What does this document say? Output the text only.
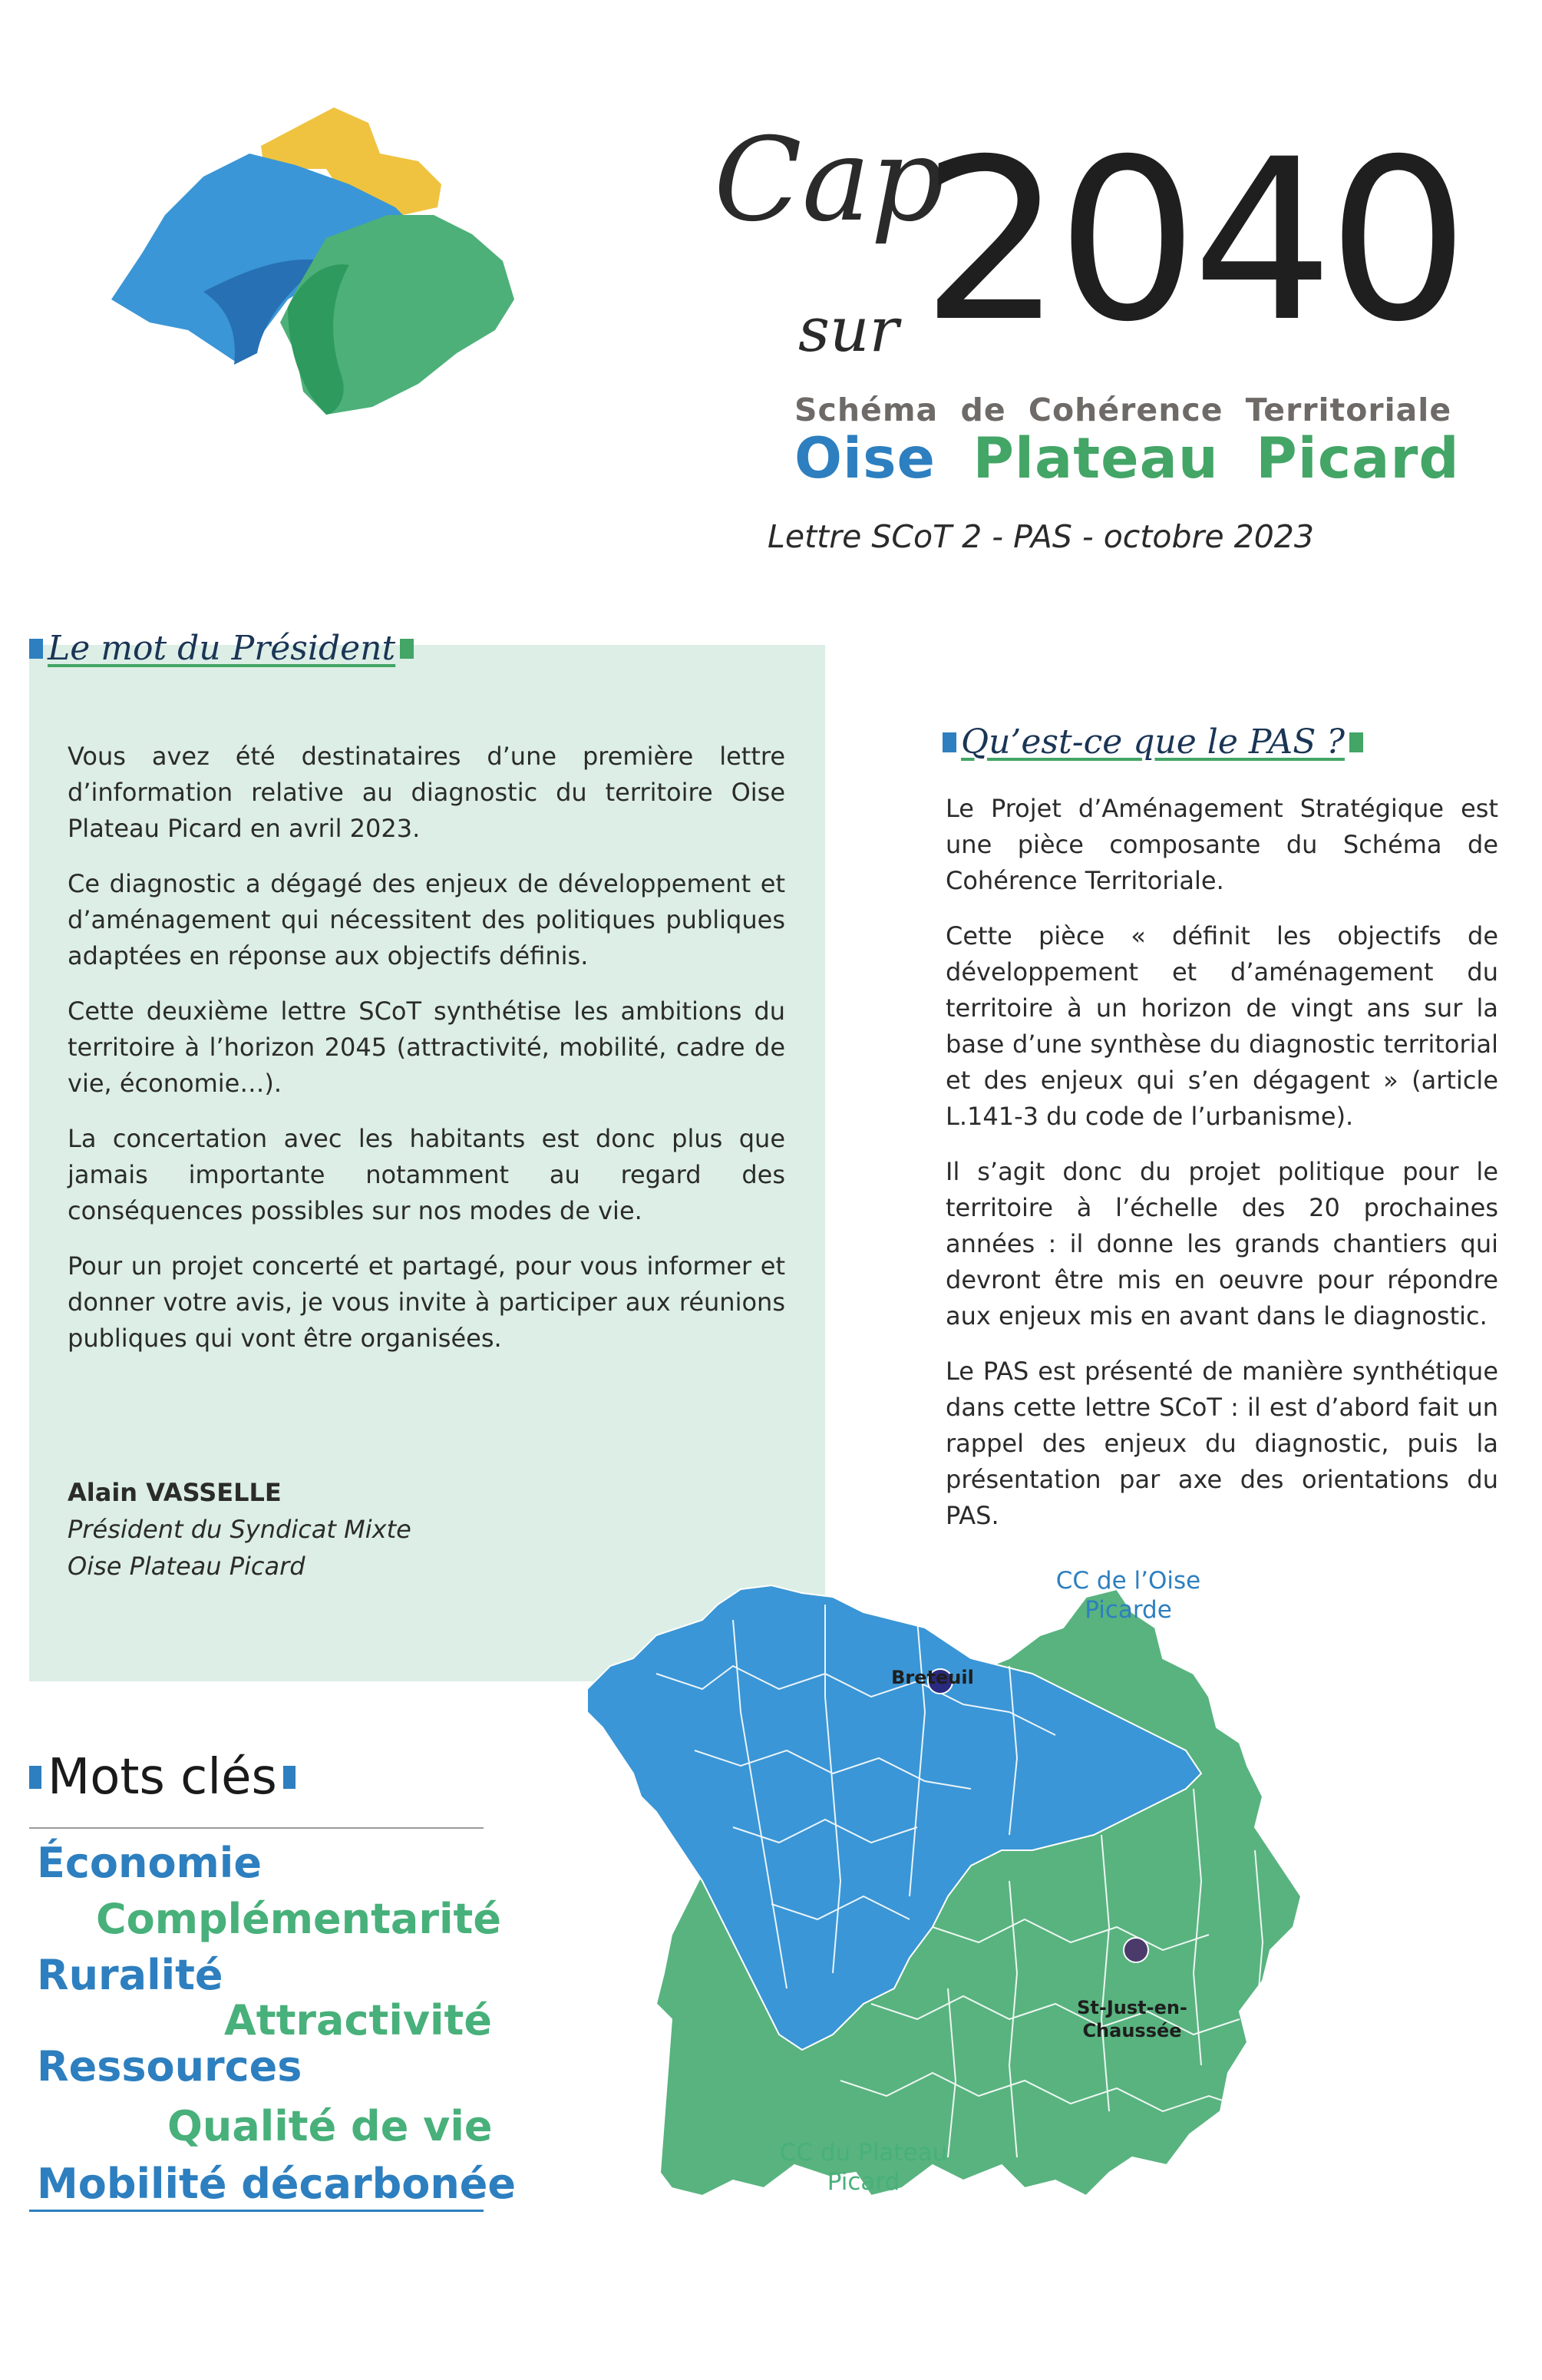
Cap
sur 2040
Schéma de Cohérence Territoriale
Oise Plateau Picard
Lettre SCoT 2 - PAS - octobre 2023
Le mot du Président

Vous avez été destinataires d’une première lettre d’information relative au diagnostic du territoire Oise Plateau Picard en avril 2023.

Ce diagnostic a dégagé des enjeux de développement et d’aménagement qui nécessitent des politiques publiques adaptées en réponse aux objectifs définis.

Cette deuxième lettre SCoT synthétise les ambitions du territoire à l’horizon 2045 (attractivité, mobilité, cadre de vie, économie…).

La concertation avec les habitants est donc plus que jamais importante notamment au regard des conséquences possibles sur nos modes de vie.

Pour un projet concerté et partagé, pour vous informer et donner votre avis, je vous invite à participer aux réunions publiques qui vont être organisées.

Alain VASSELLE
Président du Syndicat Mixte
Oise Plateau Picard
Qu’est-ce que le PAS ?

Le Projet d’Aménagement Stratégique est une pièce composante du Schéma de Cohérence Territoriale.

Cette pièce « définit les objectifs de développement et d’aménagement du territoire à un horizon de vingt ans sur la base d’une synthèse du diagnostic territorial et des enjeux qui s’en dégagent » (article L.141-3 du code de l’urbanisme).

Il s’agit donc du projet politique pour le territoire à l’échelle des 20 prochaines années : il donne les grands chantiers qui devront être mis en oeuvre pour répondre aux enjeux mis en avant dans le diagnostic.

Le PAS est présenté de manière synthétique dans cette lettre SCoT : il est d’abord fait un rappel des enjeux du diagnostic, puis la présentation par axe des orientations du PAS.

Mots clés
Économie
Complémentarité
Ruralité
Attractivité
Ressources
Qualité de vie
Mobilité décarbonée
CC de l’Oise
Picarde
CC du Plateau
Picard
Breteuil
St-Just-en-
Chaussée
